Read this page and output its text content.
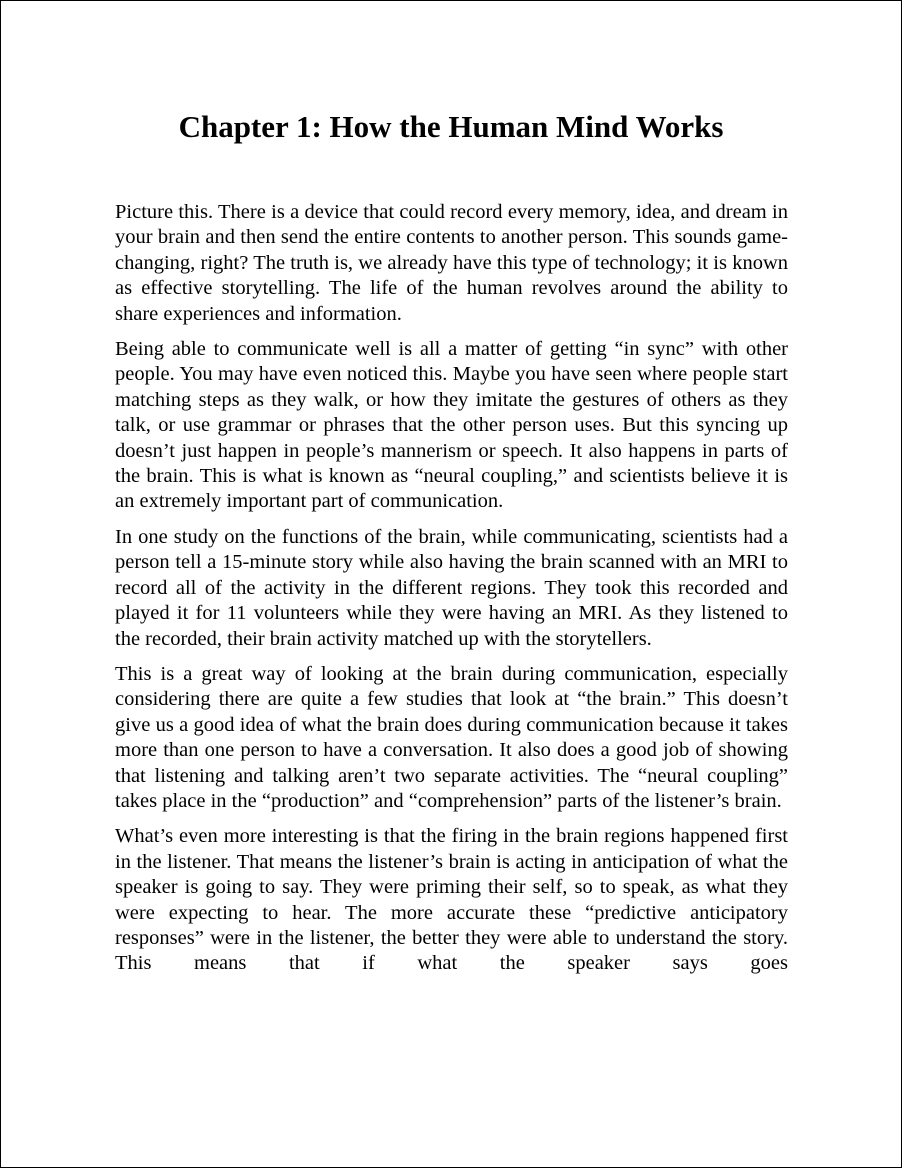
Chapter 1: How the Human Mind Works

Picture this. There is a device that could record every memory, idea, and dream in your brain and then send the entire contents to another person. This sounds game-changing, right? The truth is, we already have this type of technology; it is known as effective storytelling. The life of the human revolves around the ability to share experiences and information.

Being able to communicate well is all a matter of getting “in sync” with other people. You may have even noticed this. Maybe you have seen where people start matching steps as they walk, or how they imitate the gestures of others as they talk, or use grammar or phrases that the other person uses. But this syncing up doesn’t just happen in people’s mannerism or speech. It also happens in parts of the brain. This is what is known as “neural coupling,” and scientists believe it is an extremely important part of communication.

In one study on the functions of the brain, while communicating, scientists had a person tell a 15-minute story while also having the brain scanned with an MRI to record all of the activity in the different regions. They took this recorded and played it for 11 volunteers while they were having an MRI. As they listened to the recorded, their brain activity matched up with the storytellers.

This is a great way of looking at the brain during communication, especially considering there are quite a few studies that look at “the brain.” This doesn’t give us a good idea of what the brain does during communication because it takes more than one person to have a conversation. It also does a good job of showing that listening and talking aren’t two separate activities. The “neural coupling” takes place in the “production” and “comprehension” parts of the listener’s brain.

What’s even more interesting is that the firing in the brain regions happened first in the listener. That means the listener’s brain is acting in anticipation of what the speaker is going to say. They were priming their self, so to speak, as what they were expecting to hear. The more accurate these “predictive anticipatory responses” were in the listener, the better they were able to understand the story. This means that if what the speaker says goes
